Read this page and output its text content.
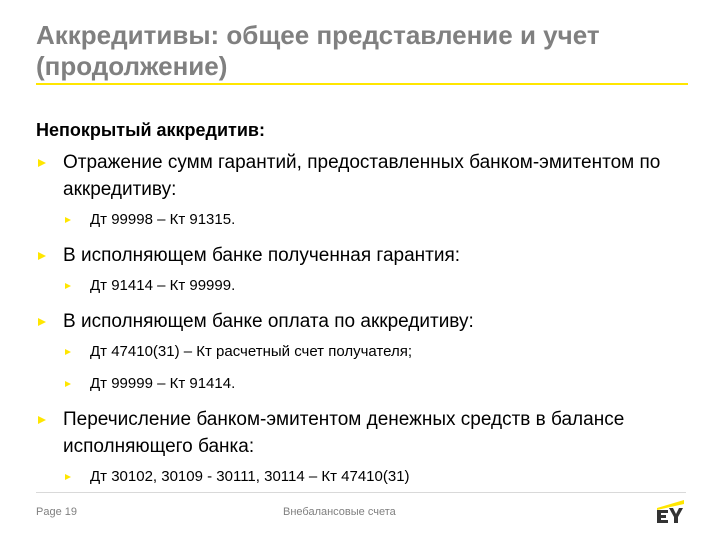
Аккредитивы: общее представление и учет (продолжение)

Непокрытый аккредитив:

Отражение сумм гарантий, предоставленных банком-эмитентом по аккредитиву:
Дт 99998 – Кт 91315.
В исполняющем банке полученная гарантия:
Дт 91414 – Кт 99999.
В исполняющем банке оплата по аккредитиву:
Дт 47410(31) – Кт расчетный счет получателя;
Дт 99999 – Кт 91414.
Перечисление банком-эмитентом денежных средств в балансе исполняющего банка:
Дт 30102, 30109 - 30111, 30114 – Кт 47410(31)
Page 19	Внебалансовые счета
